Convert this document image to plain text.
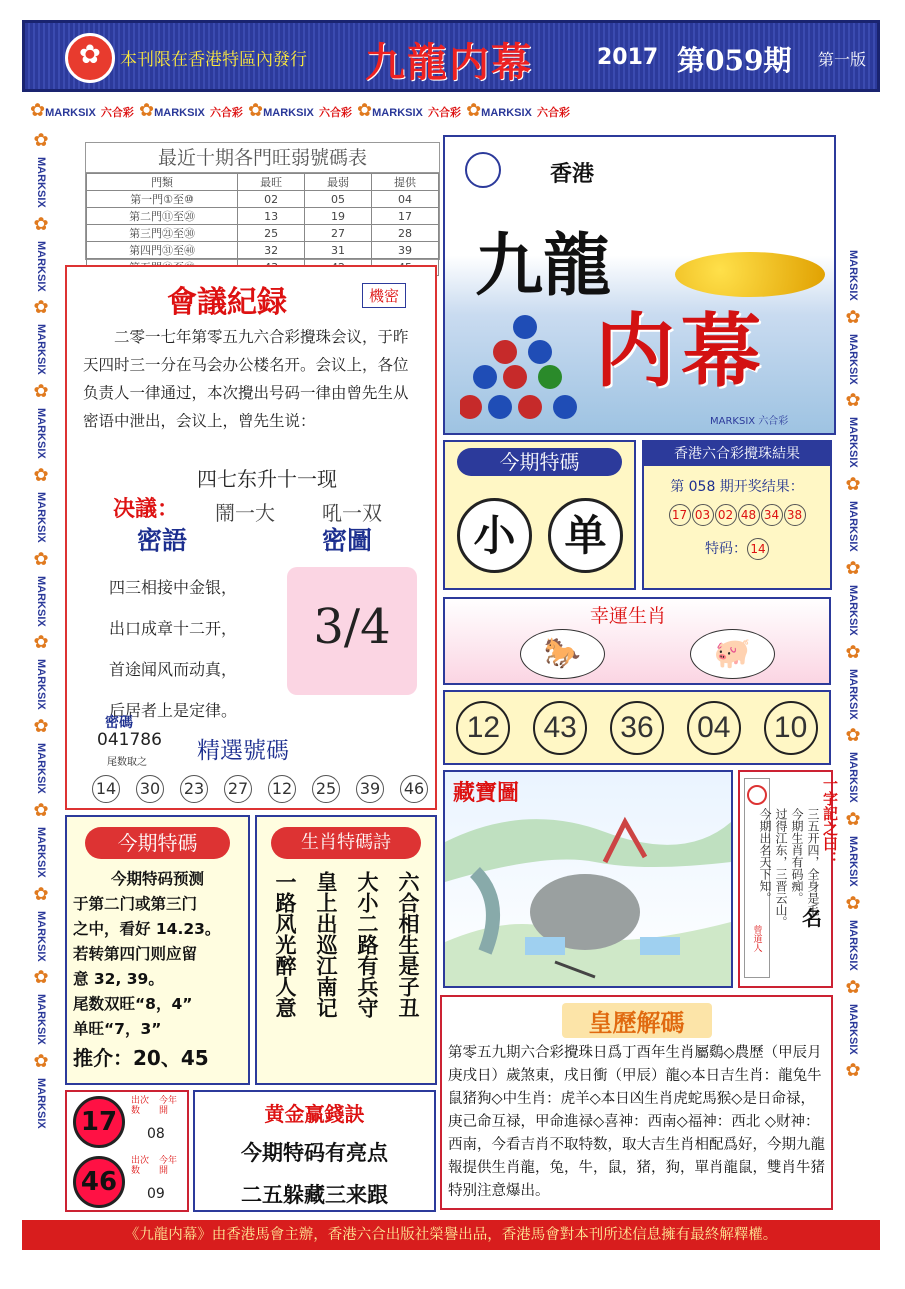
✿
本刊限在香港特區內發行 九龍内幕	2017 第059期 第一版
✿MARKSIX 六合彩 ✿MARKSIX 六合彩 ✿MARKSIX 六合彩 ✿MARKSIX 六合彩 ✿MARKSIX 六合彩
✿
MARKSIX
✿
MARKSIX
✿
MARKSIX
✿
MARKSIX
✿
MARKSIX
✿
MARKSIX
✿
MARKSIX
✿
MARKSIX
✿
MARKSIX
✿
MARKSIX
✿
MARKSIX
✿
MARKSIX
MARKSIX
✿
MARKSIX
✿
MARKSIX
✿
MARKSIX
✿
MARKSIX
✿
MARKSIX
✿
MARKSIX
✿
MARKSIX
✿
MARKSIX
✿
MARKSIX
✿
最近十期各門旺弱號碼表
門類	最旺	最弱	提供
第一門①至⑩	02	05	04
第二門⑪至⑳	13	19	17
第三門㉑至㉚	25	27	28
第四門㉛至㊵	32	31	39

香港
九龍
内幕
MARKSIX 六合彩
會議紀録	機密
二零一七年第零五九六合彩攪珠会议，于昨天四时三一分在马会办公楼名开。会议上，各位负责人一律通过，本次攪出号码一律由曾先生从密语中泄出，会议上，曾先生说：
四七东升十一现
决議： 鬧一大 吼一双
密語	密圖
四三相接中金银，
出口成章十二开，
首途闻风而动真，
后居者上是定律。
3/4
密碼
041786
尾数取之 精選號碼
14 30 23 27 12 25 39 46
今期特碼
小	单
香港六合彩攪珠結果
第 058 期开奖结果：
17 03 02 48 34 38
特码： 14
幸運生肖
🐎	🐖
12	43	36	04	10
藏寶圖
曾道人
三五开四，全身是毛
今期生肖有码痴。
过得江东，三晋云山。
今期出名天下知。	一字記之曰：
名
今期特碼
今期特码预测
于第二门或第三门
之中，看好 14.23。
若转第四门则应留
意 32, 39。
尾数双旺“8，4”
单旺“7，3”
推介：20、45
生肖特碼詩
六合相生是子丑
大小二路有兵守
皇上出巡江南记
一路风光醉人意
皇歷解碼
第零五九期六合彩攪珠日爲丁酉年生肖屬鷄◇農歷（甲辰月庚戌日）歲煞東，戌日衝（甲辰）龍◇本日吉生肖：龍兔牛鼠猪狗◇中生肖：虎羊◇本日凶生肖虎蛇馬猴◇是日命禄，庚己命互禄，甲命進禄◇喜神：西南◇福神：西北 ◇财神：西南，今看吉肖不取特数，取大吉生肖相配爲好，今期九龍報提供生肖龍，兔，牛，鼠，猪，狗，單肖龍鼠，雙肖牛猪特别注意爆出。
17
出次数
今年開
08
46
出次数
今年開
09
黄金赢錢訣
今期特码有亮点
二五躲藏三来跟
《九龍内幕》由香港馬會主辦，香港六合出版社榮譽出品，香港馬會對本刊所述信息擁有最終解釋權。
